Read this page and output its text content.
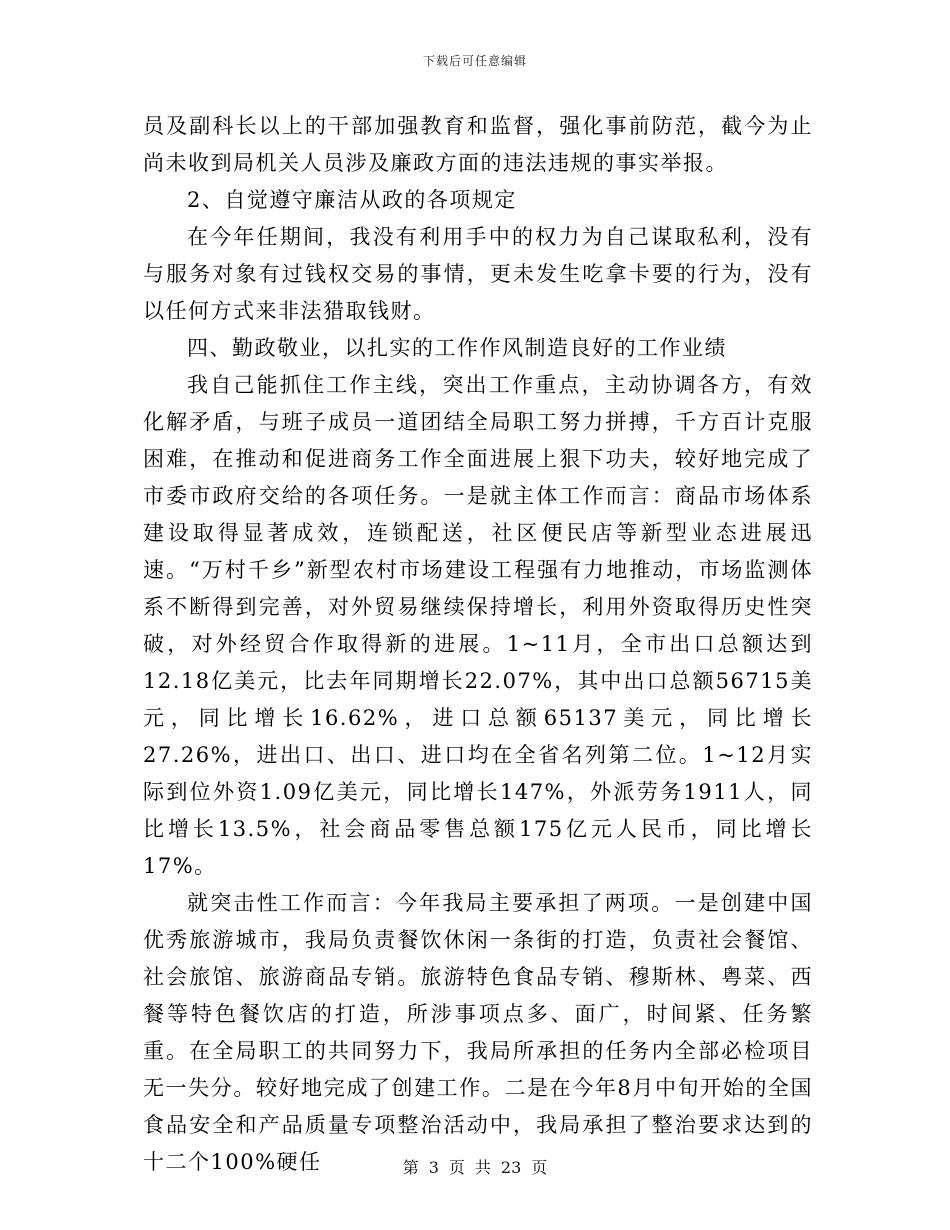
下载后可任意编辑

员及副科长以上的干部加强教育和监督，强化事前防范，截今为止尚未收到局机关人员涉及廉政方面的违法违规的事实举报。

2、自觉遵守廉洁从政的各项规定

在今年任期间，我没有利用手中的权力为自己谋取私利，没有与服务对象有过钱权交易的事情，更未发生吃拿卡要的行为，没有以任何方式来非法猎取钱财。

四、勤政敬业，以扎实的工作作风制造良好的工作业绩

我自己能抓住工作主线，突出工作重点，主动协调各方，有效化解矛盾，与班子成员一道团结全局职工努力拼搏，千方百计克服困难，在推动和促进商务工作全面进展上狠下功夫，较好地完成了市委市政府交给的各项任务。一是就主体工作而言：商品市场体系建设取得显著成效，连锁配送，社区便民店等新型业态进展迅速。“万村千乡”新型农村市场建设工程强有力地推动，市场监测体系不断得到完善，对外贸易继续保持增长，利用外资取得历史性突破，对外经贸合作取得新的进展。1~11月，全市出口总额达到12.18亿美元，比去年同期增长22.07%，其中出口总额56715美元，同比增长16.62%，进口总额65137美元，同比增长27.26%，进出口、出口、进口均在全省名列第二位。1~12月实际到位外资1.09亿美元，同比增长147%，外派劳务1911人，同比增长13.5%，社会商品零售总额175亿元人民币，同比增长17%。

就突击性工作而言：今年我局主要承担了两项。一是创建中国优秀旅游城市，我局负责餐饮休闲一条街的打造，负责社会餐馆、社会旅馆、旅游商品专销。旅游特色食品专销、穆斯林、粤菜、西餐等特色餐饮店的打造，所涉事项点多、面广，时间紧、任务繁重。在全局职工的共同努力下，我局所承担的任务内全部必检项目无一失分。较好地完成了创建工作。二是在今年8月中旬开始的全国食品安全和产品质量专项整治活动中，我局承担了整治要求达到的十二个100%硬任	第 3 页 共 23 页
